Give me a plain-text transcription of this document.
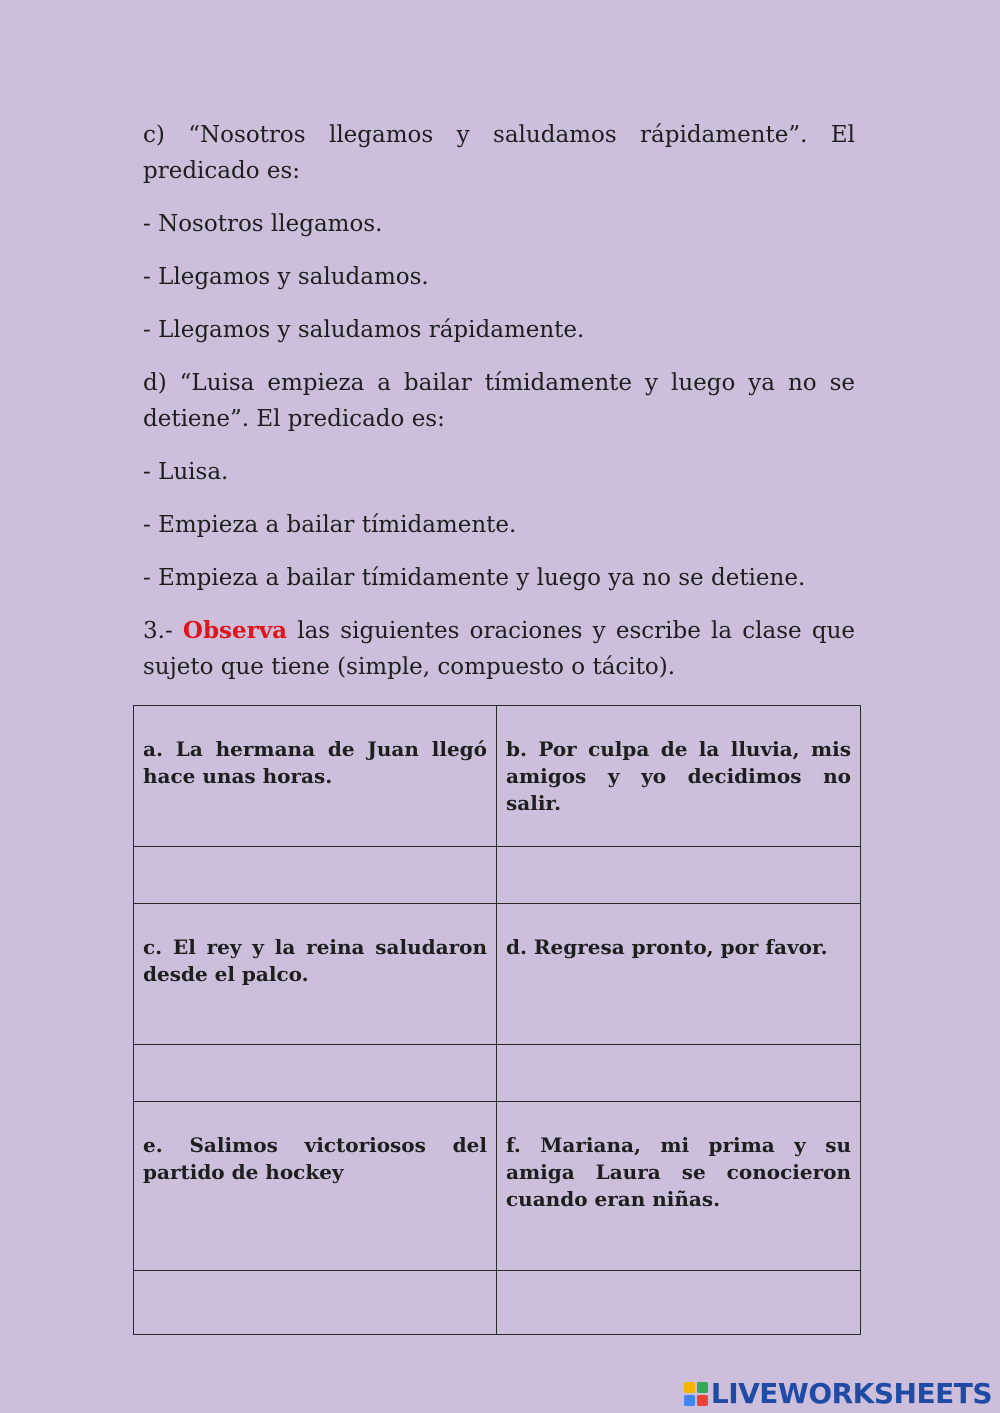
c) “Nosotros llegamos y saludamos rápidamente”. El predicado es:

- Nosotros llegamos.

- Llegamos y saludamos.

- Llegamos y saludamos rápidamente.

d) “Luisa empieza a bailar tímidamente y luego ya no se detiene”. El predicado es:

- Luisa.

- Empieza a bailar tímidamente.

- Empieza a bailar tímidamente y luego ya no se detiene.

3.- Observa las siguientes oraciones y escribe la clase que sujeto que tiene (simple, compuesto o tácito).

a. La hermana de Juan llegó hace unas horas.	b. Por culpa de la lluvia, mis amigos y yo decidimos no salir.

c. El rey y la reina saludaron desde el palco.	d. Regresa pronto, por favor.

e. Salimos victoriosos del partido de hockey	f. Mariana, mi prima y su amiga Laura se conocieron cuando eran niñas.

LIVEWORKSHEETS
